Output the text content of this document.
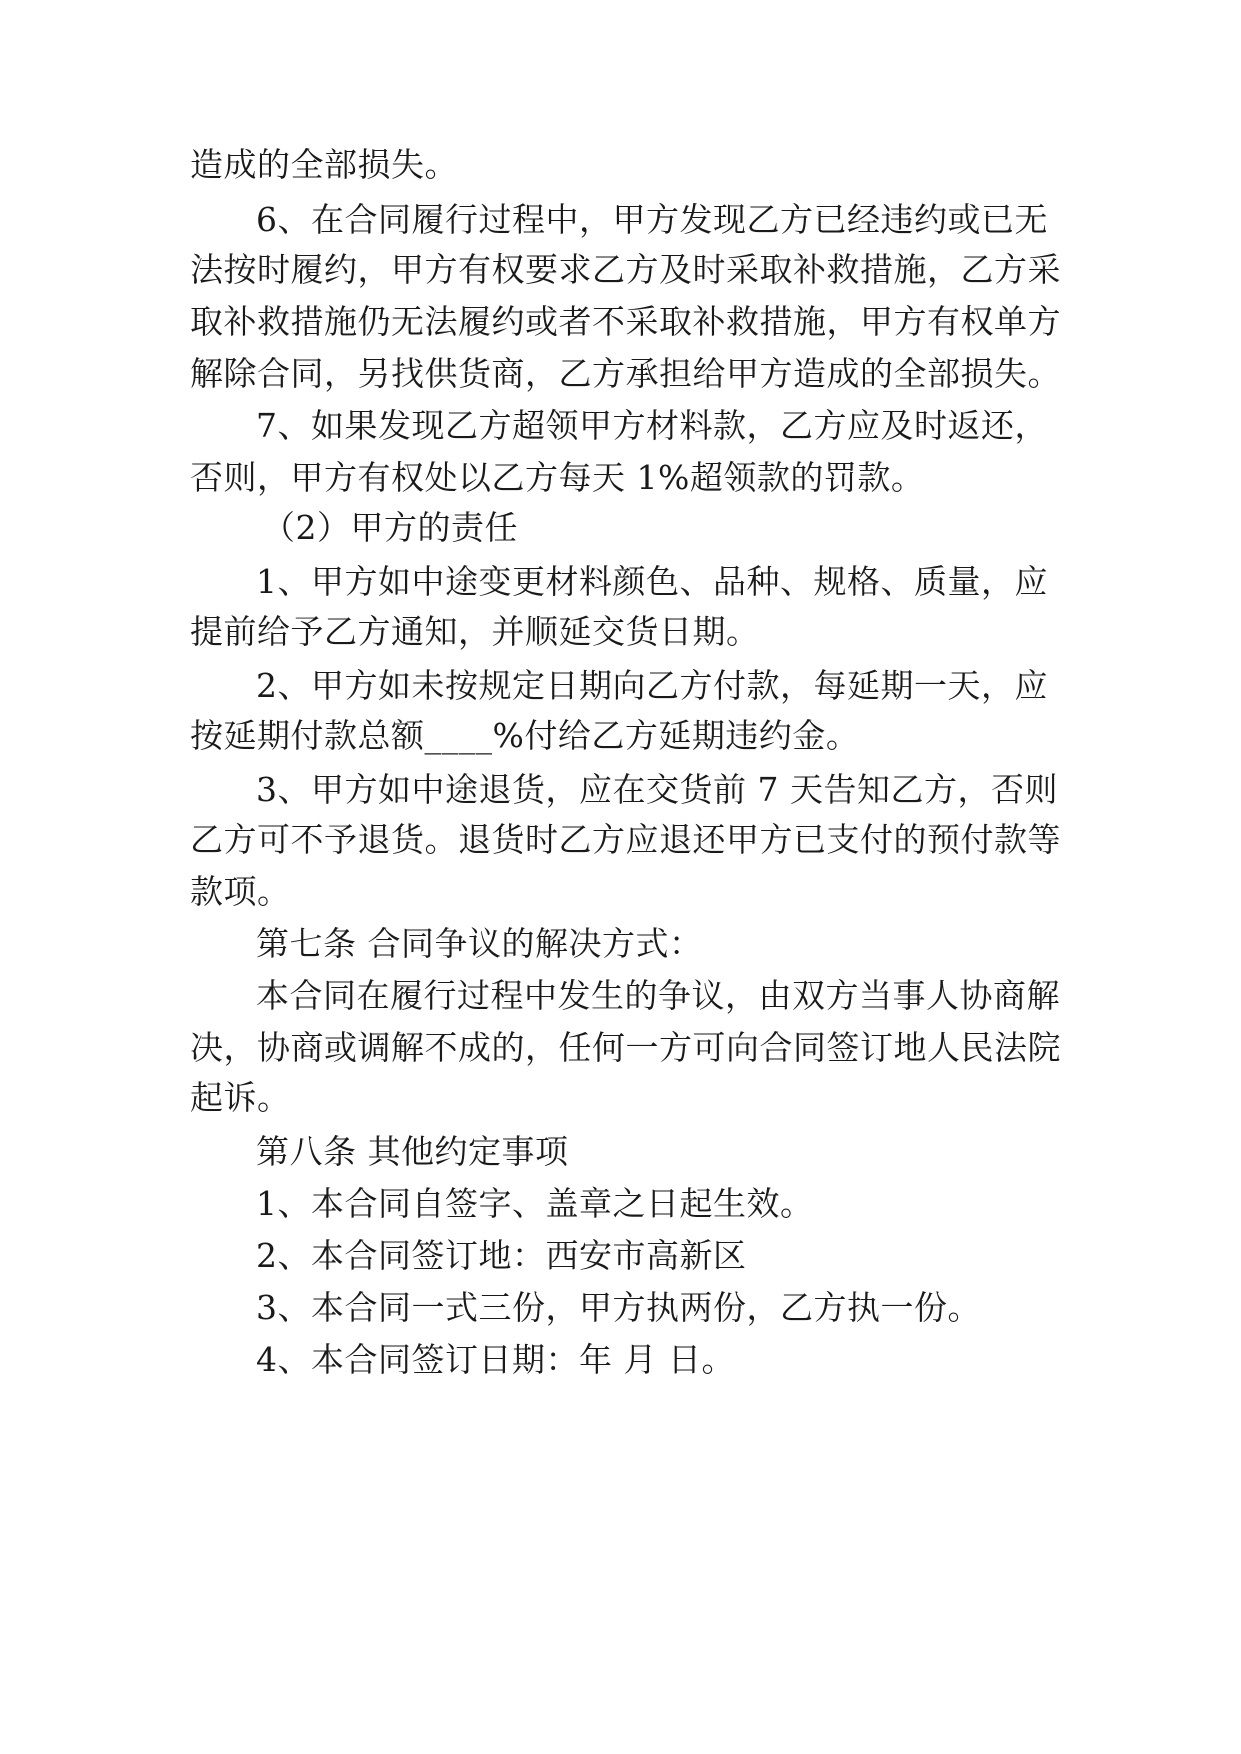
造成的全部损失。
6、在合同履行过程中，甲方发现乙方已经违约或已无
法按时履约，甲方有权要求乙方及时采取补救措施，乙方采
取补救措施仍无法履约或者不采取补救措施，甲方有权单方
解除合同，另找供货商，乙方承担给甲方造成的全部损失。
7、如果发现乙方超领甲方材料款，乙方应及时返还，
否则，甲方有权处以乙方每天 1%超领款的罚款。
（2）甲方的责任
1、甲方如中途变更材料颜色、品种、规格、质量，应
提前给予乙方通知，并顺延交货日期。
2、甲方如未按规定日期向乙方付款，每延期一天，应
按延期付款总额____%付给乙方延期违约金。
3、甲方如中途退货，应在交货前 7 天告知乙方，否则
乙方可不予退货。退货时乙方应退还甲方已支付的预付款等
款项。
第七条 合同争议的解决方式：
本合同在履行过程中发生的争议，由双方当事人协商解
决，协商或调解不成的，任何一方可向合同签订地人民法院
起诉。
第八条 其他约定事项
1、本合同自签字、盖章之日起生效。
2、本合同签订地：西安市高新区
3、本合同一式三份，甲方执两份，乙方执一份。
4、本合同签订日期：年 月 日。
